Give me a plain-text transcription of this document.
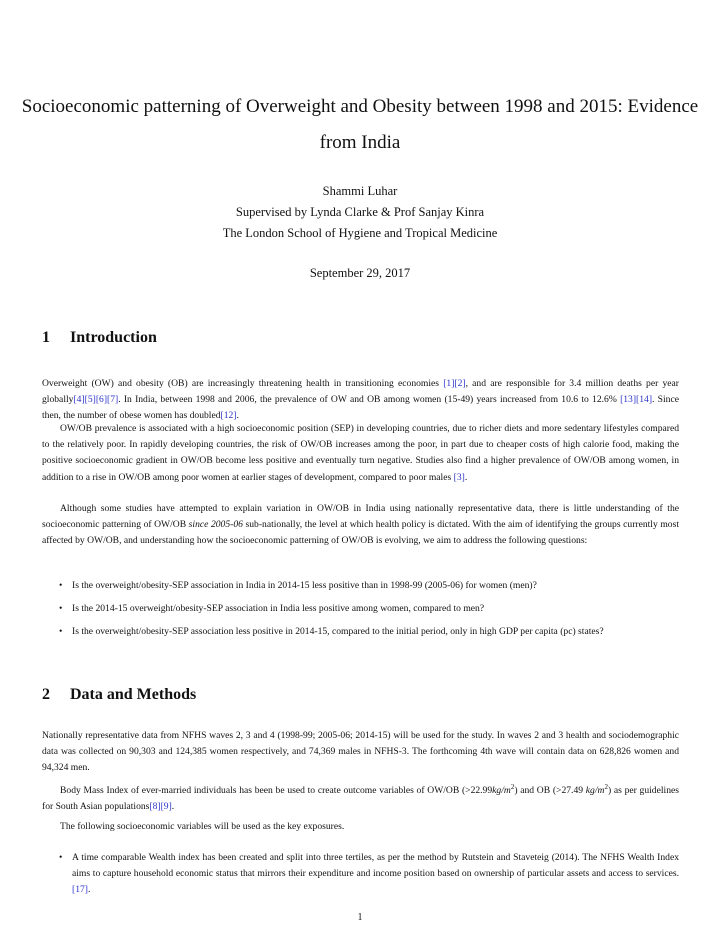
Socioeconomic patterning of Overweight and Obesity between 1998 and 2015: Evidence from India
Shammi Luhar
Supervised by Lynda Clarke & Prof Sanjay Kinra
The London School of Hygiene and Tropical Medicine
September 29, 2017
1 Introduction
Overweight (OW) and obesity (OB) are increasingly threatening health in transitioning economies [1][2], and are responsible for 3.4 million deaths per year globally[4][5][6][7]. In India, between 1998 and 2006, the prevalence of OW and OB among women (15-49) years increased from 10.6 to 12.6% [13][14]. Since then, the number of obese women has doubled[12].
OW/OB prevalence is associated with a high socioeconomic position (SEP) in developing countries, due to richer diets and more sedentary lifestyles compared to the relatively poor. In rapidly developing countries, the risk of OW/OB increases among the poor, in part due to cheaper costs of high calorie food, making the positive socioeconomic gradient in OW/OB become less positive and eventually turn negative. Studies also find a higher prevalence of OW/OB among women, in addition to a rise in OW/OB among poor women at earlier stages of development, compared to poor males [3].
Although some studies have attempted to explain variation in OW/OB in India using nationally representative data, there is little understanding of the socioeconomic patterning of OW/OB since 2005-06 sub-nationally, the level at which health policy is dictated. With the aim of identifying the groups currently most affected by OW/OB, and understanding how the socioeconomic patterning of OW/OB is evolving, we aim to address the following questions:
• Is the overweight/obesity-SEP association in India in 2014-15 less positive than in 1998-99 (2005-06) for women (men)?
• Is the 2014-15 overweight/obesity-SEP association in India less positive among women, compared to men?
• Is the overweight/obesity-SEP association less positive in 2014-15, compared to the initial period, only in high GDP per capita (pc) states?
2 Data and Methods
Nationally representative data from NFHS waves 2, 3 and 4 (1998-99; 2005-06; 2014-15) will be used for the study. In waves 2 and 3 health and sociodemographic data was collected on 90,303 and 124,385 women respectively, and 74,369 males in NFHS-3. The forthcoming 4th wave will contain data on 628,826 women and 94,324 men.
Body Mass Index of ever-married individuals has been be used to create outcome variables of OW/OB $(>22.99kg/m^2)$ and OB (>27.49 $kg/m^2$) as per guidelines for South Asian populations[8][9].
The following socioeconomic variables will be used as the key exposures.
• A time comparable Wealth index has been created and split into three tertiles, as per the method by Rutstein and Staveteig (2014). The NFHS Wealth Index aims to capture household economic status that mirrors their expenditure and income position based on ownership of particular assets and access to services. [17].
1
